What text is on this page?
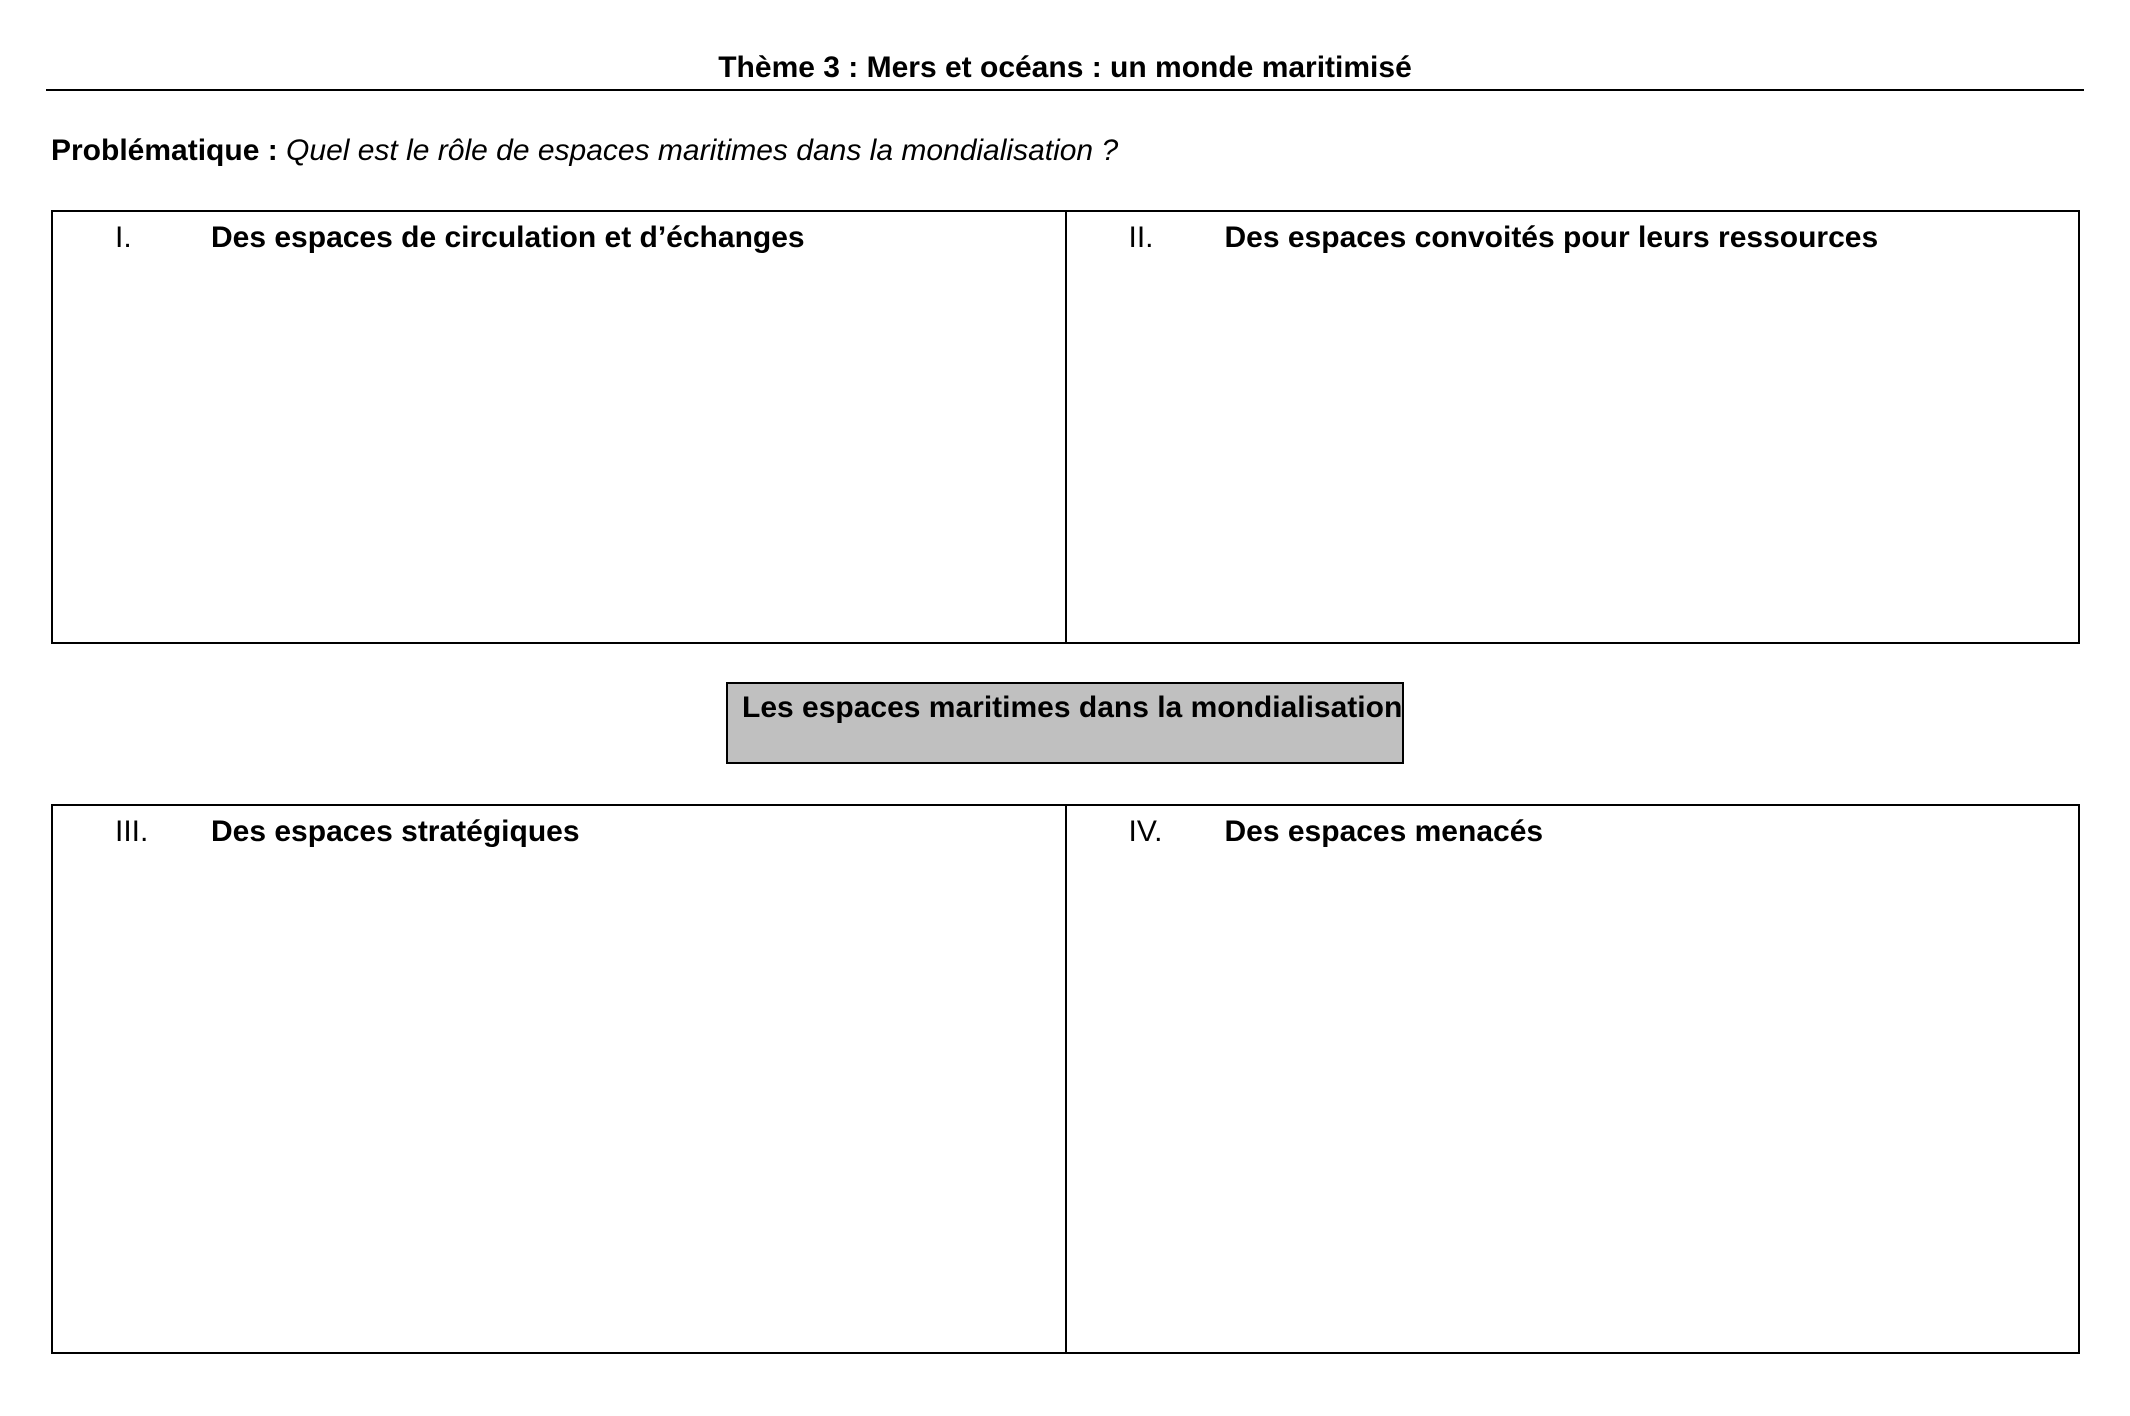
Thème 3 : Mers et océans : un monde maritimisé

Problématique : Quel est le rôle de espaces maritimes dans la mondialisation ?

I.	Des espaces de circulation et d’échanges	II. Des espaces convoités pour leurs ressources
Les espaces maritimes dans la mondialisation
III. Des espaces stratégiques	IV. Des espaces menacés
